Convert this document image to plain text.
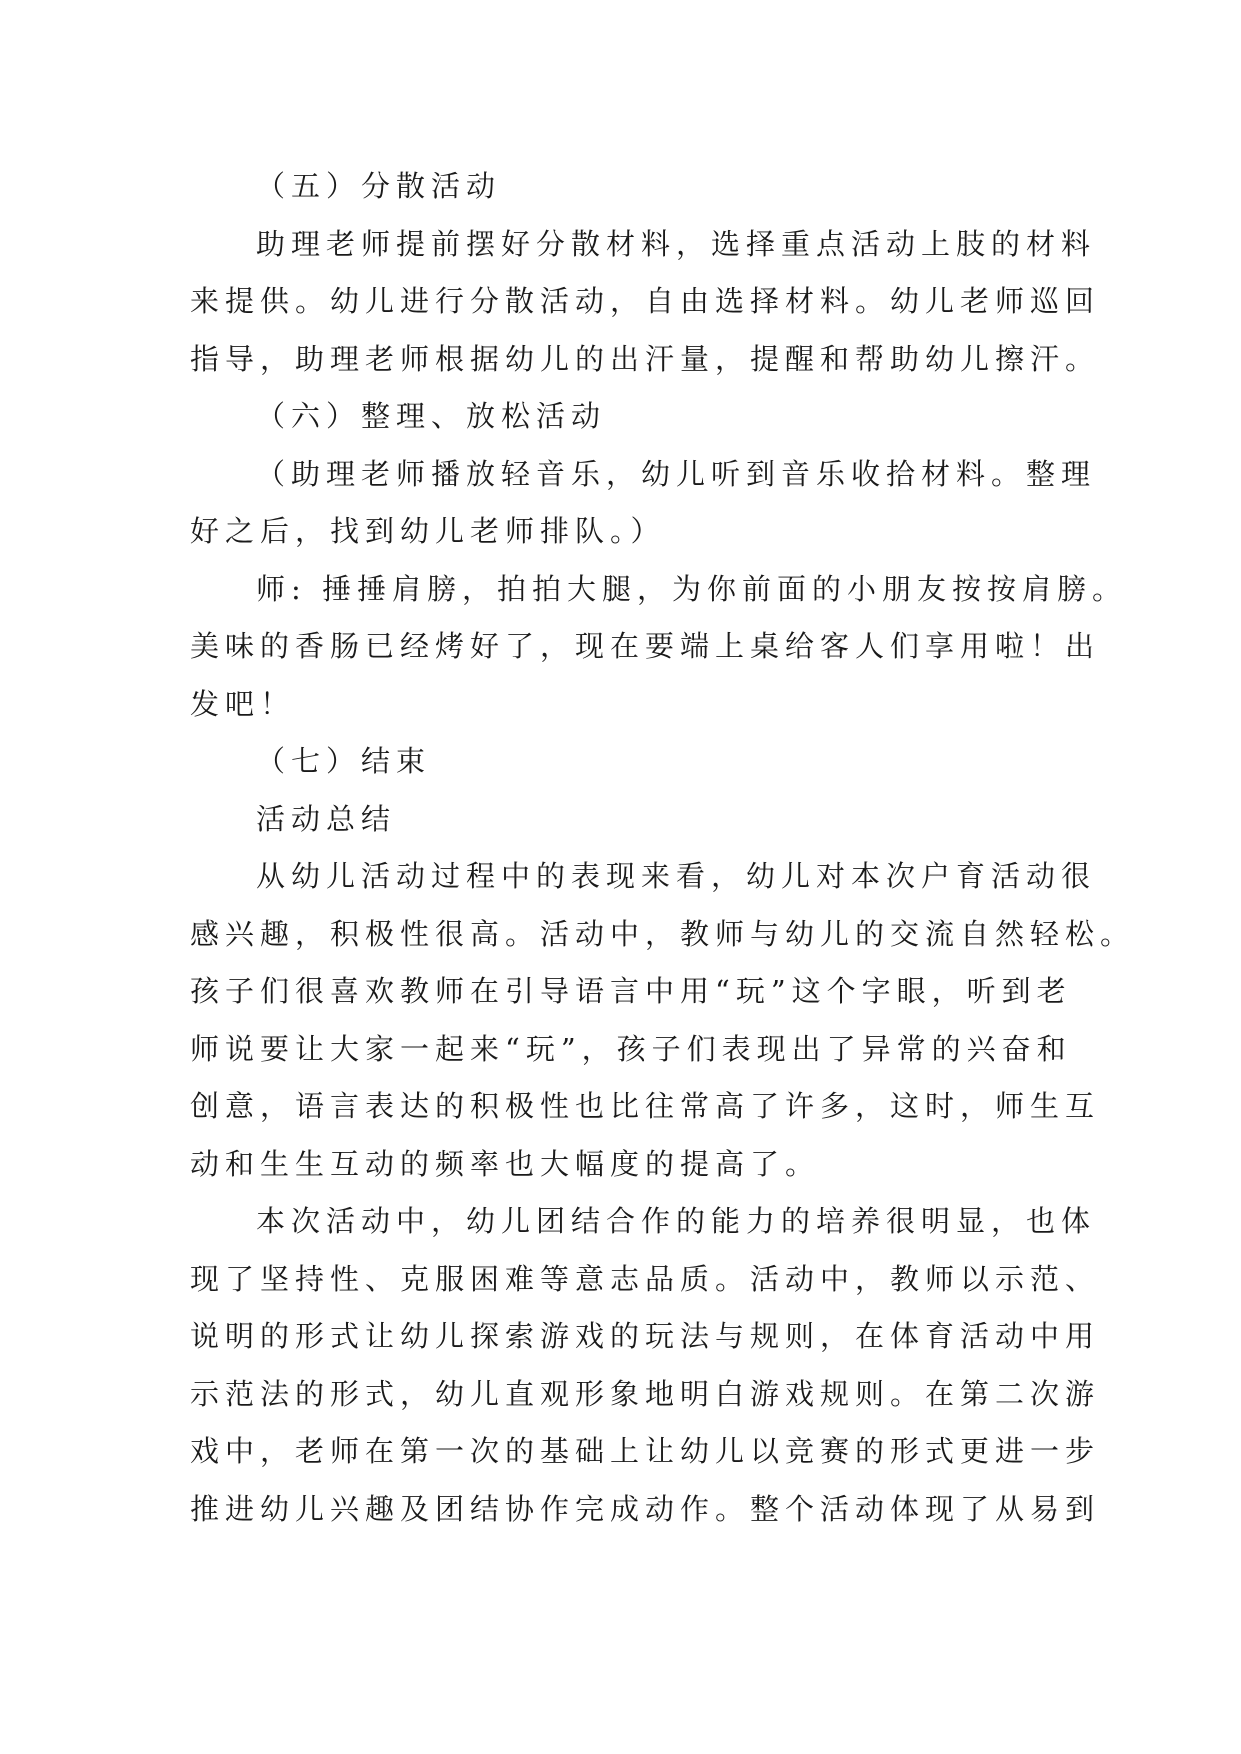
（五）分散活动
助理老师提前摆好分散材料，选择重点活动上肢的材料
来提供。幼儿进行分散活动，自由选择材料。幼儿老师巡回
指导，助理老师根据幼儿的出汗量，提醒和帮助幼儿擦汗。
（六）整理、放松活动
（助理老师播放轻音乐，幼儿听到音乐收拾材料。整理
好之后，找到幼儿老师排队。）
师: 捶捶肩膀，拍拍大腿，为你前面的小朋友按按肩膀。
美味的香肠已经烤好了，现在要端上桌给客人们享用啦！出
发吧！
（七）结束
活动总结
从幼儿活动过程中的表现来看，幼儿对本次户育活动很
感兴趣，积极性很高。活动中，教师与幼儿的交流自然轻松。
孩子们很喜欢教师在引导语言中用“玩”这个字眼，听到老
师说要让大家一起来“玩”，孩子们表现出了异常的兴奋和
创意，语言表达的积极性也比往常高了许多，这时，师生互
动和生生互动的频率也大幅度的提高了。
本次活动中，幼儿团结合作的能力的培养很明显，也体
现了坚持性、克服困难等意志品质。活动中，教师以示范、
说明的形式让幼儿探索游戏的玩法与规则，在体育活动中用
示范法的形式，幼儿直观形象地明白游戏规则。在第二次游
戏中，老师在第一次的基础上让幼儿以竞赛的形式更进一步
推进幼儿兴趣及团结协作完成动作。整个活动体现了从易到
